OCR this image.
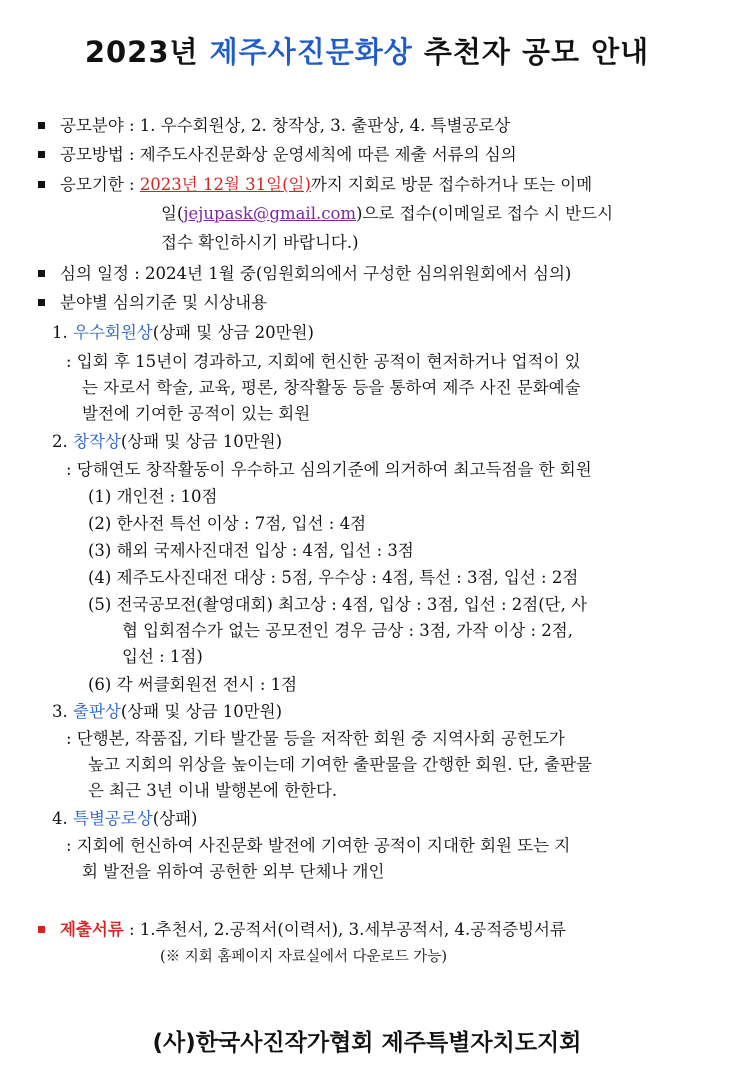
2023년 제주사진문화상 추천자 공모 안내
공모분야 : 1. 우수회원상, 2. 창작상, 3. 출판상, 4. 특별공로상
공모방법 : 제주도사진문화상 운영세칙에 따른 제출 서류의 심의
응모기한 : 2023년 12월 31일(일)까지 지회로 방문 접수하거나 또는 이메
일(jejupask@gmail.com)으로 접수(이메일로 접수 시 반드시
접수 확인하시기 바랍니다.)
심의 일정 : 2024년 1월 중(임원회의에서 구성한 심의위원회에서 심의)
분야별 심의기준 및 시상내용
1. 우수회원상(상패 및 상금 20만원)
: 입회 후 15년이 경과하고, 지회에 헌신한 공적이 현저하거나 업적이 있
는 자로서 학술, 교육, 평론, 창작활동 등을 통하여 제주 사진 문화예술
발전에 기여한 공적이 있는 회원
2. 창작상(상패 및 상금 10만원)
: 당해연도 창작활동이 우수하고 심의기준에 의거하여 최고득점을 한 회원
(1) 개인전 : 10점
(2) 한사전 특선 이상 : 7점, 입선 : 4점
(3) 해외 국제사진대전 입상 : 4점, 입선 : 3점
(4) 제주도사진대전 대상 : 5점, 우수상 : 4점, 특선 : 3점, 입선 : 2점
(5) 전국공모전(촬영대회) 최고상 : 4점, 입상 : 3점, 입선 : 2점(단, 사
협 입회점수가 없는 공모전인 경우 금상 : 3점, 가작 이상 : 2점,
입선 : 1점)
(6) 각 써클회원전 전시 : 1점
3. 출판상(상패 및 상금 10만원)
: 단행본, 작품집, 기타 발간물 등을 저작한 회원 중 지역사회 공헌도가
높고 지회의 위상을 높이는데 기여한 출판물을 간행한 회원. 단, 출판물
은 최근 3년 이내 발행본에 한한다.
4. 특별공로상(상패)
: 지회에 헌신하여 사진문화 발전에 기여한 공적이 지대한 회원 또는 지
회 발전을 위하여 공헌한 외부 단체나 개인
제출서류 : 1.추천서, 2.공적서(이력서), 3.세부공적서, 4.공적증빙서류
(※ 지회 홈페이지 자료실에서 다운로드 가능)
(사)한국사진작가협회 제주특별자치도지회
